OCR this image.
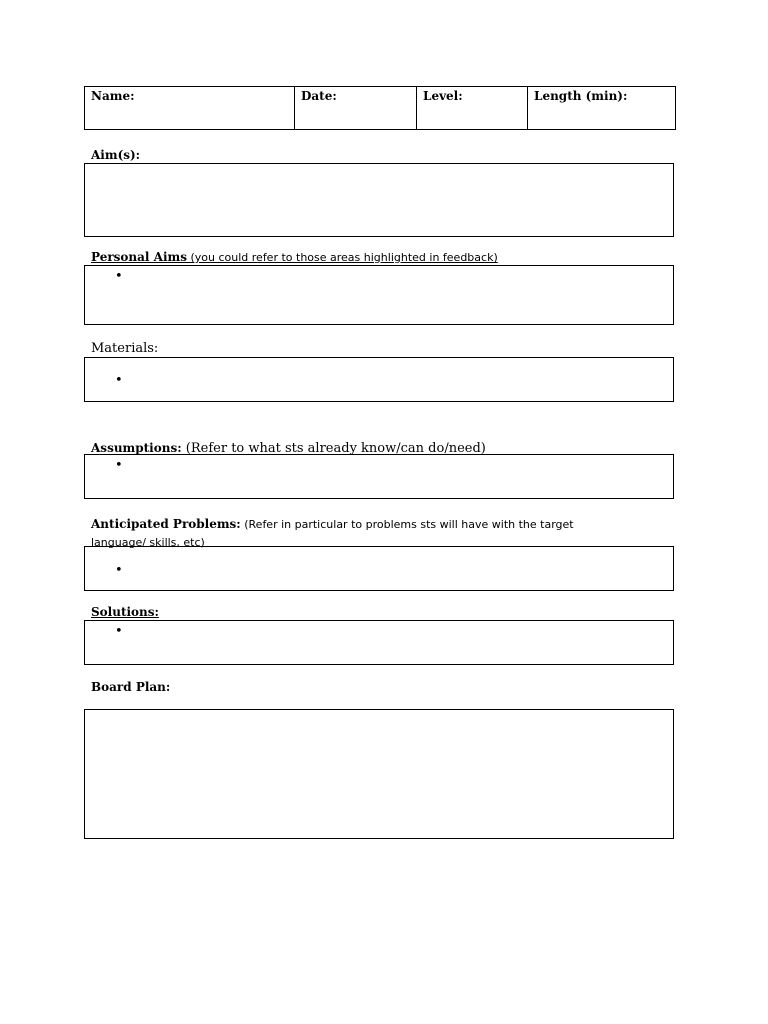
Name:	Date:	Level:	Length (min):
Aim(s):
Personal Aims (you could refer to those areas highlighted in feedback)
•
Materials:
•
Assumptions: (Refer to what sts already know/can do/need)
•
Anticipated Problems: (Refer in particular to problems sts will have with the target
language/ skills, etc)
•
Solutions:
•
Board Plan:
